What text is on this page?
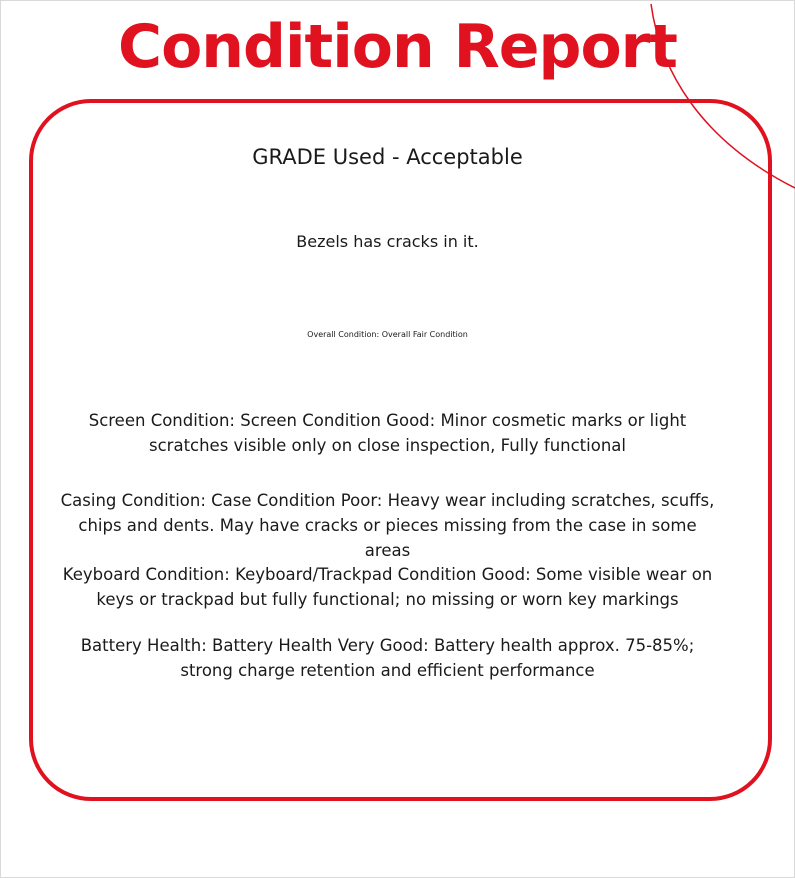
Condition Report
GRADE Used - Acceptable
Bezels has cracks in it.
Overall Condition: Overall Fair Condition
Screen Condition: Screen Condition Good: Minor cosmetic marks or light scratches visible only on close inspection, Fully functional
Casing Condition: Case Condition Poor: Heavy wear including scratches, scuffs, chips and dents. May have cracks or pieces missing from the case in some areas
Keyboard Condition: Keyboard/Trackpad Condition Good: Some visible wear on keys or trackpad but fully functional; no missing or worn key markings
Battery Health: Battery Health Very Good: Battery health approx. 75-85%; strong charge retention and efficient performance
